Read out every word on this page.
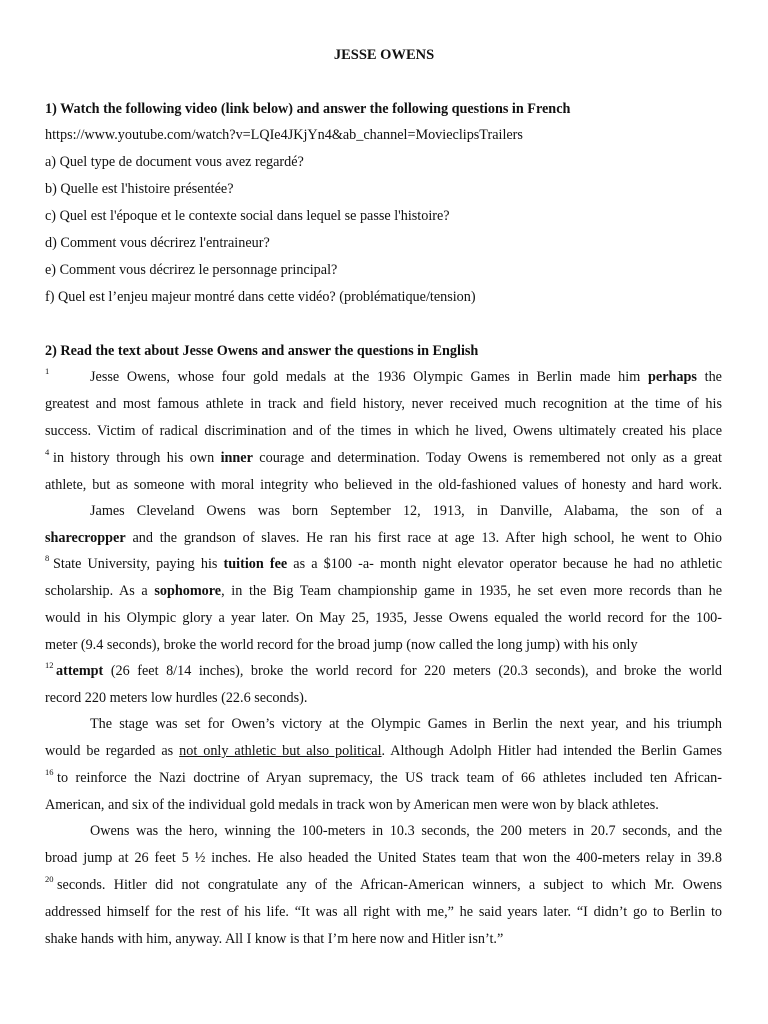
JESSE OWENS
1) Watch the following video (link below) and answer the following questions in French
https://www.youtube.com/watch?v=LQIe4JKjYn4&ab_channel=MovieclipsTrailers
a) Quel type de document vous avez regardé?
b) Quelle est l'histoire présentée?
c) Quel est l'époque et le contexte social dans lequel se passe l'histoire?
d) Comment vous décrirez l'entraineur?
e) Comment vous décrirez le personnage principal?
f) Quel est l’enjeu majeur montré dans cette vidéo? (problématique/tension)
2) Read the text about Jesse Owens and answer the questions in English
1	Jesse Owens, whose four gold medals at the 1936 Olympic Games in Berlin made him perhaps the
greatest and most famous athlete in track and field history, never received much recognition at the time of his
success. Victim of radical discrimination and of the times in which he lived, Owens ultimately created his place
4 in history through his own inner courage and determination. Today Owens is remembered not only as a great
athlete, but as someone with moral integrity who believed in the old-fashioned values of honesty and hard work.
James Cleveland Owens was born September 12, 1913, in Danville, Alabama, the son of a
sharecropper and the grandson of slaves. He ran his first race at age 13. After high school, he went to Ohio
8 State University, paying his tuition fee as a $100 -a- month night elevator operator because he had no athletic
scholarship. As a sophomore, in the Big Team championship game in 1935, he set even more records than he
would in his Olympic glory a year later. On May 25, 1935, Jesse Owens equaled the world record for the 100-
meter (9.4 seconds), broke the world record for the broad jump (now called the long jump) with his only
12 attempt (26 feet 8/14 inches), broke the world record for 220 meters (20.3 seconds), and broke the world
record 220 meters low hurdles (22.6 seconds).
The stage was set for Owen’s victory at the Olympic Games in Berlin the next year, and his triumph
would be regarded as not only athletic but also political. Although Adolph Hitler had intended the Berlin Games
16 to reinforce the Nazi doctrine of Aryan supremacy, the US track team of 66 athletes included ten African-
American, and six of the individual gold medals in track won by American men were won by black athletes.
Owens was the hero, winning the 100-meters in 10.3 seconds, the 200 meters in 20.7 seconds, and the
broad jump at 26 feet 5 ½ inches. He also headed the United States team that won the 400-meters relay in 39.8
20 seconds. Hitler did not congratulate any of the African-American winners, a subject to which Mr. Owens
addressed himself for the rest of his life. “It was all right with me,” he said years later. “I didn’t go to Berlin to
shake hands with him, anyway. All I know is that I’m here now and Hitler isn’t.”
